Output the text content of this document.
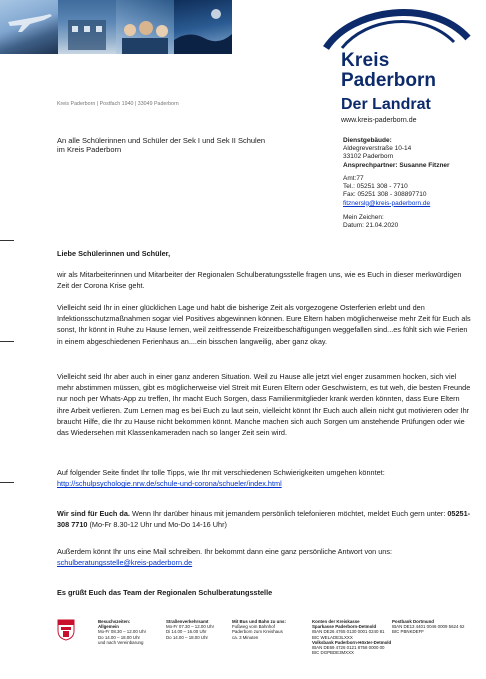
Kreis
Paderborn
Der Landrat
www.kreis-paderborn.de
Kreis Paderborn | Postfach 1940 | 33049 Paderborn
An alle Schülerinnen und Schüler der Sek I und Sek II Schulen
im Kreis Paderborn
Dienstgebäude:
Aldegreverstraße 10-14
33102 Paderborn
Ansprechpartner: Susanne Fitzner
Amt:77
Tel.: 05251 308 - 7710
Fax: 05251 308 - 308897710
fitznerslg@kreis-paderborn.de
Mein Zeichen:
Datum: 21.04.2020
Liebe Schülerinnen und Schüler,
wir als Mitarbeiterinnen und Mitarbeiter der Regionalen Schulberatungsstelle fragen uns, wie es Euch in dieser merkwürdigen Zeit der Corona Krise geht.
Vielleicht seid Ihr in einer glücklichen Lage und habt die bisherige Zeit als vorgezogene Osterferien erlebt und den Infektionsschutzmaßnahmen sogar viel Positives abgewinnen können. Eure Eltern haben möglicherweise mehr Zeit für Euch als sonst, Ihr könnt in Ruhe zu Hause lernen, weil zeitfressende Freizeitbeschäftigungen weggefallen sind...es fühlt sich wie Ferien in einem abgeschiedenen Ferienhaus an....ein bisschen langweilig, aber ganz okay.
Vielleicht seid Ihr aber auch in einer ganz anderen Situation. Weil zu Hause alle jetzt viel enger zusammen hocken, sich viel mehr abstimmen müssen, gibt es möglicherweise viel Streit mit Euren Eltern oder Geschwistern, es tut weh, die besten Freunde nur noch per Whats-App zu treffen, Ihr macht Euch Sorgen, dass Familienmitglieder krank werden könnten, dass Eure Eltern ihre Arbeit verlieren. Zum Lernen mag es bei Euch zu laut sein, vielleicht könnt Ihr Euch auch allein nicht gut motivieren oder Ihr braucht Hilfe, die Ihr zu Hause nicht bekommen könnt. Manche machen sich auch Sorgen um anstehende Prüfungen oder wie das Wiedersehen mit Klassenkameraden nach so langer Zeit sein wird.
Auf folgender Seite findet Ihr tolle Tipps, wie Ihr mit verschiedenen Schwierigkeiten umgehen könntet:
http://schulpsychologie.nrw.de/schule-und-corona/schueler/index.html
Wir sind für Euch da. Wenn Ihr darüber hinaus mit jemandem persönlich telefonieren möchtet, meldet Euch gern unter: 05251-308 7710 (Mo-Fr 8.30-12 Uhr und Mo-Do 14-16 Uhr)
Außerdem könnt Ihr uns eine Mail schreiben. Ihr bekommt dann eine ganz persönliche Antwort von uns:
schulberatungsstelle@kreis-paderborn.de
Es grüßt Euch das Team der Regionalen Schulberatungsstelle
Besuchszeiten:
Allgemein
Mo-Fr 08.30 – 12.00 Uhr
Do 14.00 – 18.00 Uhr
und nach Vereinbarung
Straßenverkehrsamt
Mo-Fr 07.30 – 12.00 Uhr
Di 14.00 – 16.00 Uhr
Do 14.00 – 18.00 Uhr
Mit Bus und Bahn zu uns:
Fußweg vom Bahnhof
Paderborn zum Kreishaus
ca. 3 Minuten
Konten der Kreiskasse
Sparkasse Paderborn-Detmold
IBAN DE26 4765 0130 0001 0240 81
BIC WELADE3LXXX
Volksbank Paderborn-Höxter-Detmold
IBAN DE69 4726 0121 8758 0000 00
BIC DGPBDE3MXXX
Postbank Dortmund
IBAN DE13 4401 0046 0009 5624 62
BIC PBNKDEFF
